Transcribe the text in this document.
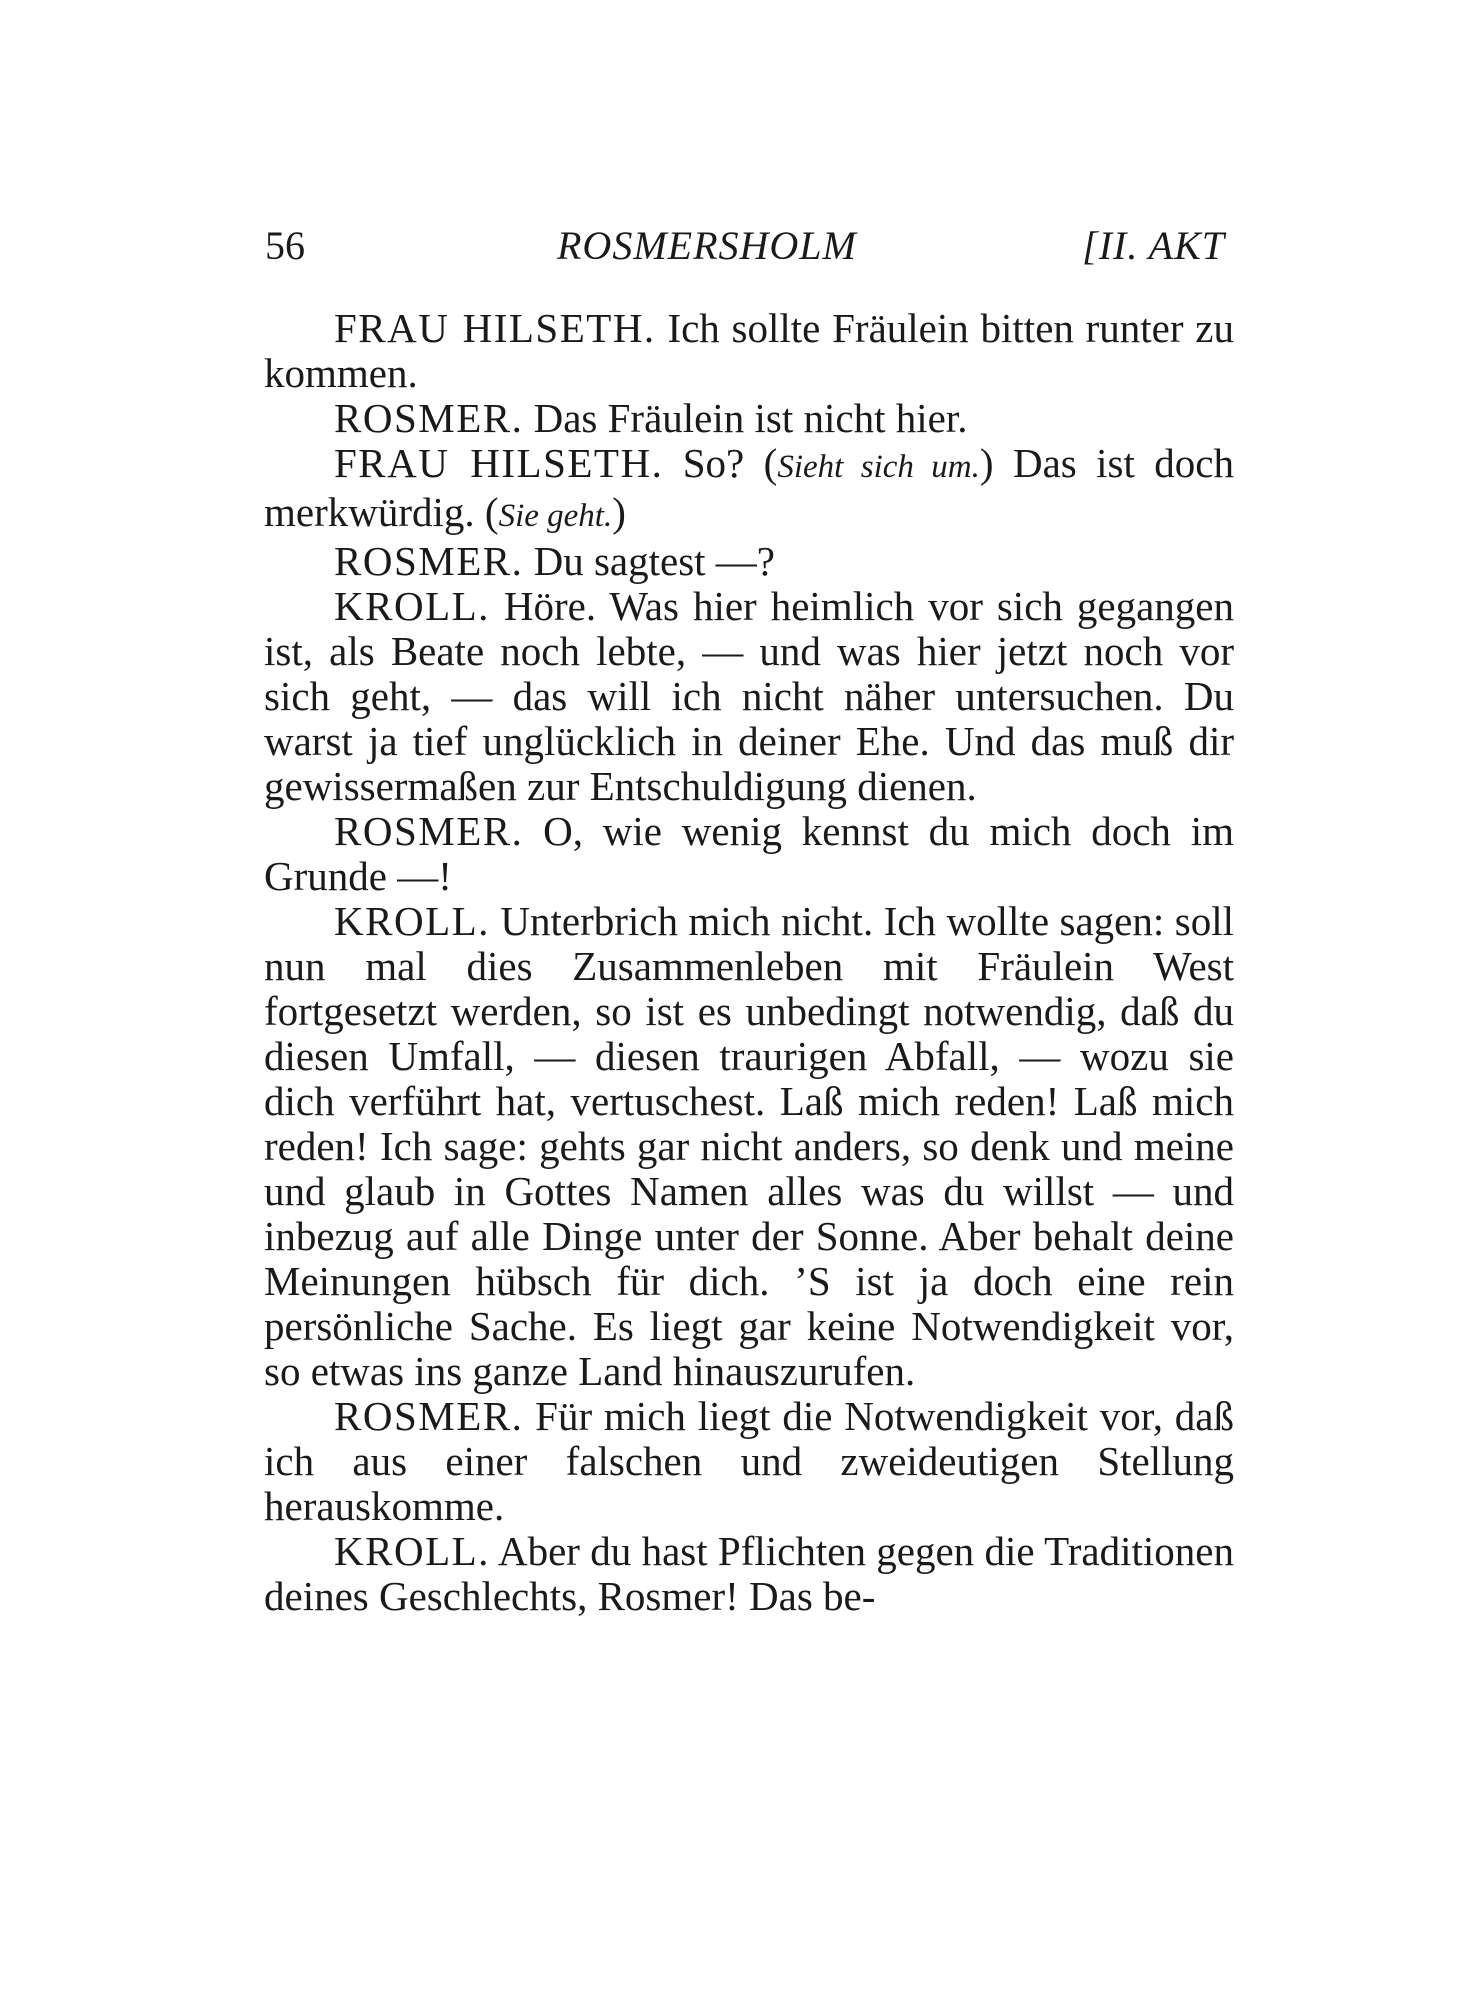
56	ROSMERSHOLM	[II. AKT

FRAU HILSETH. Ich sollte Fräulein bitten runter zu kommen.

ROSMER. Das Fräulein ist nicht hier.

FRAU HILSETH. So? (Sieht sich um.) Das ist doch merkwürdig. (Sie geht.)

ROSMER. Du sagtest —?

KROLL. Höre. Was hier heimlich vor sich gegangen ist, als Beate noch lebte, — und was hier jetzt noch vor sich geht, — das will ich nicht näher untersuchen. Du warst ja tief unglücklich in deiner Ehe. Und das muß dir gewissermaßen zur Entschuldigung dienen.

ROSMER. O, wie wenig kennst du mich doch im Grunde —!

KROLL. Unterbrich mich nicht. Ich wollte sagen: soll nun mal dies Zusammenleben mit Fräulein West fortgesetzt werden, so ist es unbedingt notwendig, daß du diesen Umfall, — diesen traurigen Abfall, — wozu sie dich verführt hat, vertuschest. Laß mich reden! Laß mich reden! Ich sage: gehts gar nicht anders, so denk und meine und glaub in Gottes Namen alles was du willst — und inbezug auf alle Dinge unter der Sonne. Aber behalt deine Meinungen hübsch für dich. ’S ist ja doch eine rein persönliche Sache. Es liegt gar keine Notwendigkeit vor, so etwas ins ganze Land hinauszurufen.

ROSMER. Für mich liegt die Notwendigkeit vor, daß ich aus einer falschen und zweideutigen Stellung herauskomme.

KROLL. Aber du hast Pflichten gegen die Traditionen deines Geschlechts, Rosmer! Das be-
